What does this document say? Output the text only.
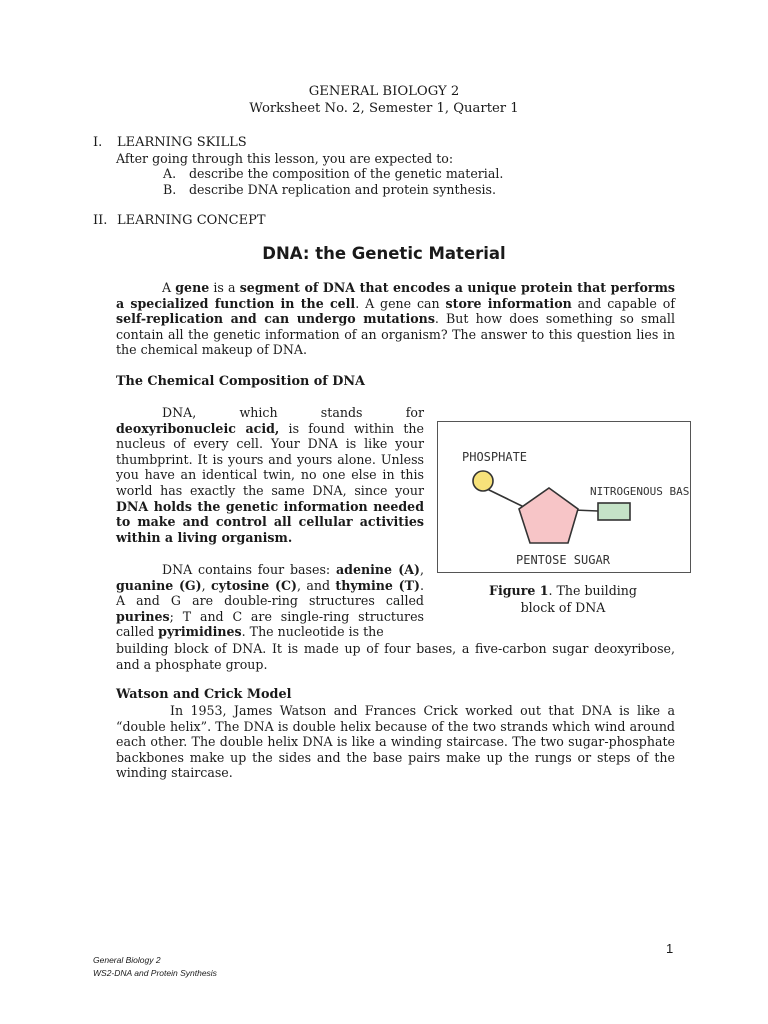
GENERAL BIOLOGY 2
Worksheet No. 2, Semester 1, Quarter 1
I. LEARNING SKILLS
After going through this lesson, you are expected to:
A. describe the composition of the genetic material.
B. describe DNA replication and protein synthesis.
II. LEARNING CONCEPT
DNA: the Genetic Material
A gene is a segment of DNA that encodes a unique protein that performs a specialized function in the cell. A gene can store information and capable of self-replication and can undergo mutations. But how does something so small contain all the genetic information of an organism? The answer to this question lies in the chemical makeup of DNA.
The Chemical Composition of DNA
DNA, which stands for deoxyribonucleic acid, is found within the nucleus of every cell. Your DNA is like your thumbprint. It is yours and yours alone. Unless you have an identical twin, no one else in this world has exactly the same DNA, since your DNA holds the genetic information needed to make and control all cellular activities within a living organism.
DNA contains four bases: adenine (A), guanine (G), cytosine (C), and thymine (T). A and G are double-ring structures called purines; T and C are single-ring structures called pyrimidines. The nucleotide is the
building block of DNA. It is made up of four bases, a five-carbon sugar deoxyribose, and a phosphate group.
PHOSPHATE
NITROGENOUS BASE
PENTOSE SUGAR
Figure 1. The building
block of DNA
Watson and Crick Model
In 1953, James Watson and Frances Crick worked out that DNA is like a “double helix”. The DNA is double helix because of the two strands which wind around each other. The double helix DNA is like a winding staircase. The two sugar-phosphate backbones make up the sides and the base pairs make up the rungs or steps of the winding staircase.
1
General Biology 2
WS2-DNA and Protein Synthesis
